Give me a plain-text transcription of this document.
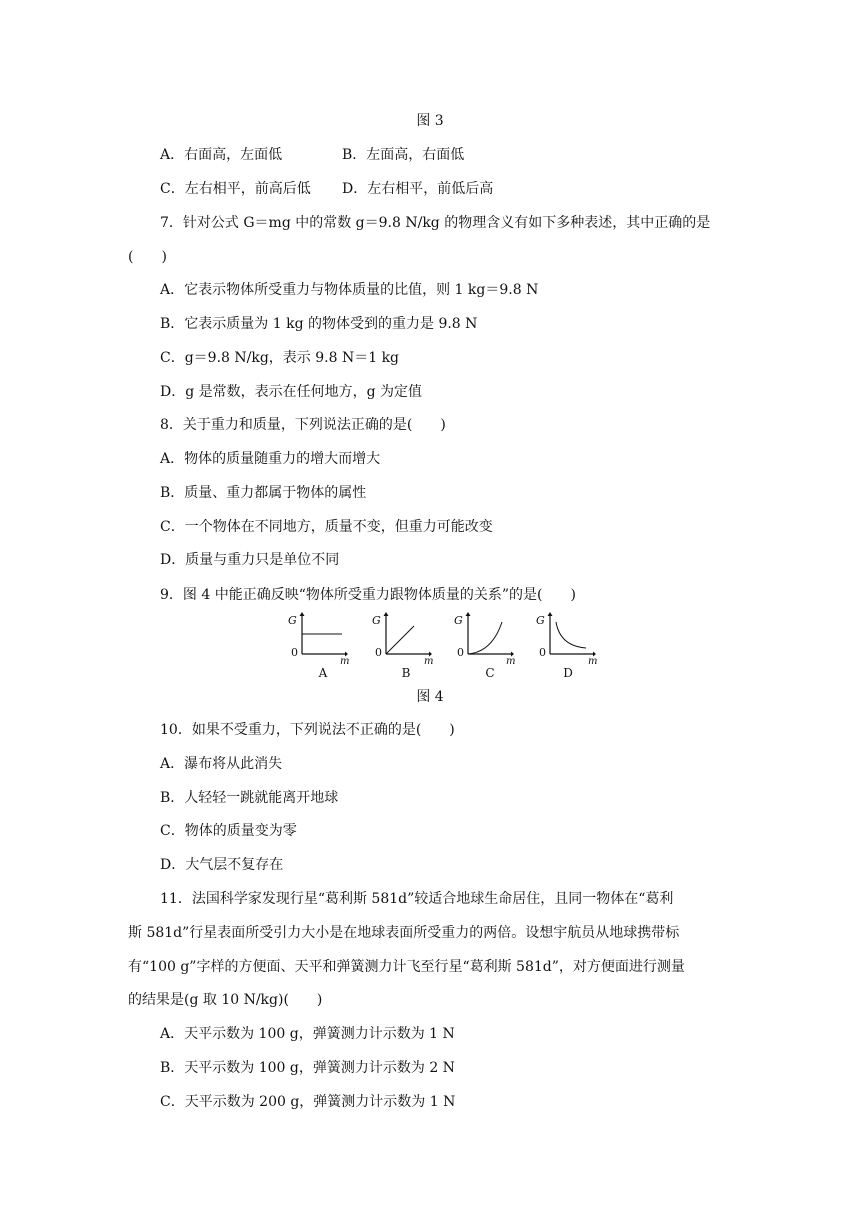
图 3
A．右面高，左面低	B．左面高，右面低
C．左右相平，前高后低 D．左右相平，前低后高
7．针对公式 G＝mg 中的常数 g＝9.8 N/kg 的物理含义有如下多种表述，其中正确的是
(　　)
A．它表示物体所受重力与物体质量的比值，则 1 kg＝9.8 N
B．它表示质量为 1 kg 的物体受到的重力是 9.8 N
C．g＝9.8 N/kg，表示 9.8 N＝1 kg
D．g 是常数，表示在任何地方，g 为定值
8．关于重力和质量，下列说法正确的是(　　)
A．物体的质量随重力的增大而增大
B．质量、重力都属于物体的属性
C．一个物体在不同地方，质量不变，但重力可能改变
D．质量与重力只是单位不同
9．图 4 中能正确反映“物体所受重力跟物体质量的关系”的是(　　)
G
0
m
A
G
0
m
B
G
0
m
C
G
0
m
D
图 4
10．如果不受重力，下列说法不正确的是(　　)
A．瀑布将从此消失
B．人轻轻一跳就能离开地球
C．物体的质量变为零
D．大气层不复存在
11．法国科学家发现行星“葛利斯 581d”较适合地球生命居住，且同一物体在“葛利
斯 581d”行星表面所受引力大小是在地球表面所受重力的两倍。设想宇航员从地球携带标
有“100 g”字样的方便面、天平和弹簧测力计飞至行星“葛利斯 581d”，对方便面进行测量
的结果是(g 取 10 N/kg)(　　)
A．天平示数为 100 g，弹簧测力计示数为 1 N
B．天平示数为 100 g，弹簧测力计示数为 2 N
C．天平示数为 200 g，弹簧测力计示数为 1 N
